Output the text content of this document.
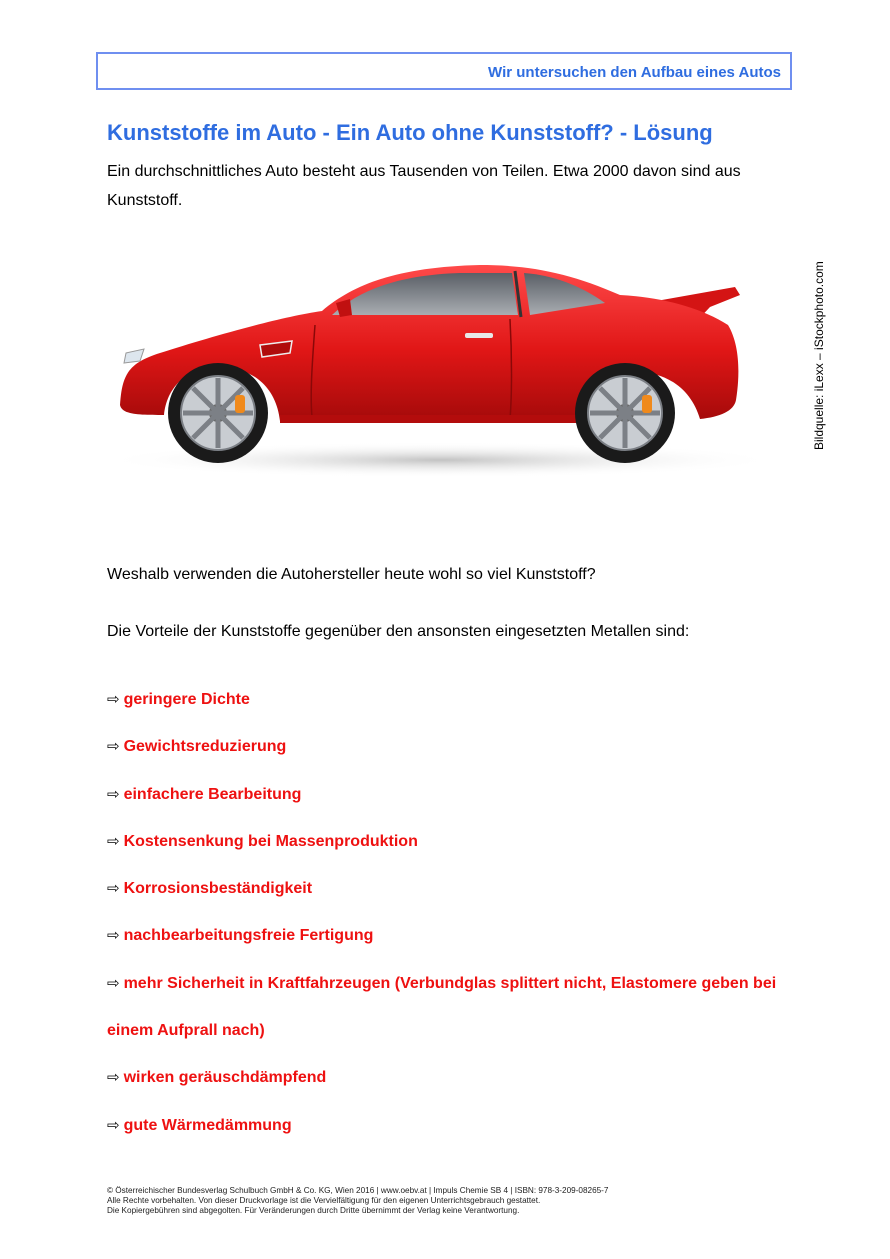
Wir untersuchen den Aufbau eines Autos
Kunststoffe im Auto - Ein Auto ohne Kunststoff? - Lösung

Ein durchschnittliches Auto besteht aus Tausenden von Teilen. Etwa 2000 davon sind aus Kunststoff.

Bildquelle: iLexx – iStockphoto.com

Weshalb verwenden die Autohersteller heute wohl so viel Kunststoff?

Die Vorteile der Kunststoffe gegenüber den ansonsten eingesetzten Metallen sind:

⇨ geringere Dichte
⇨ Gewichtsreduzierung
⇨ einfachere Bearbeitung
⇨ Kostensenkung bei Massenproduktion
⇨ Korrosionsbeständigkeit
⇨ nachbearbeitungsfreie Fertigung
⇨ mehr Sicherheit in Kraftfahrzeugen (Verbundglas splittert nicht, Elastomere geben bei einem Aufprall nach)
⇨ wirken geräuschdämpfend
⇨ gute Wärmedämmung
© Österreichischer Bundesverlag Schulbuch GmbH & Co. KG, Wien 2016 | www.oebv.at | Impuls Chemie SB 4 | ISBN: 978-3-209-08265-7
Alle Rechte vorbehalten. Von dieser Druckvorlage ist die Vervielfältigung für den eigenen Unterrichtsgebrauch gestattet.
Die Kopiergebühren sind abgegolten. Für Veränderungen durch Dritte übernimmt der Verlag keine Verantwortung.
